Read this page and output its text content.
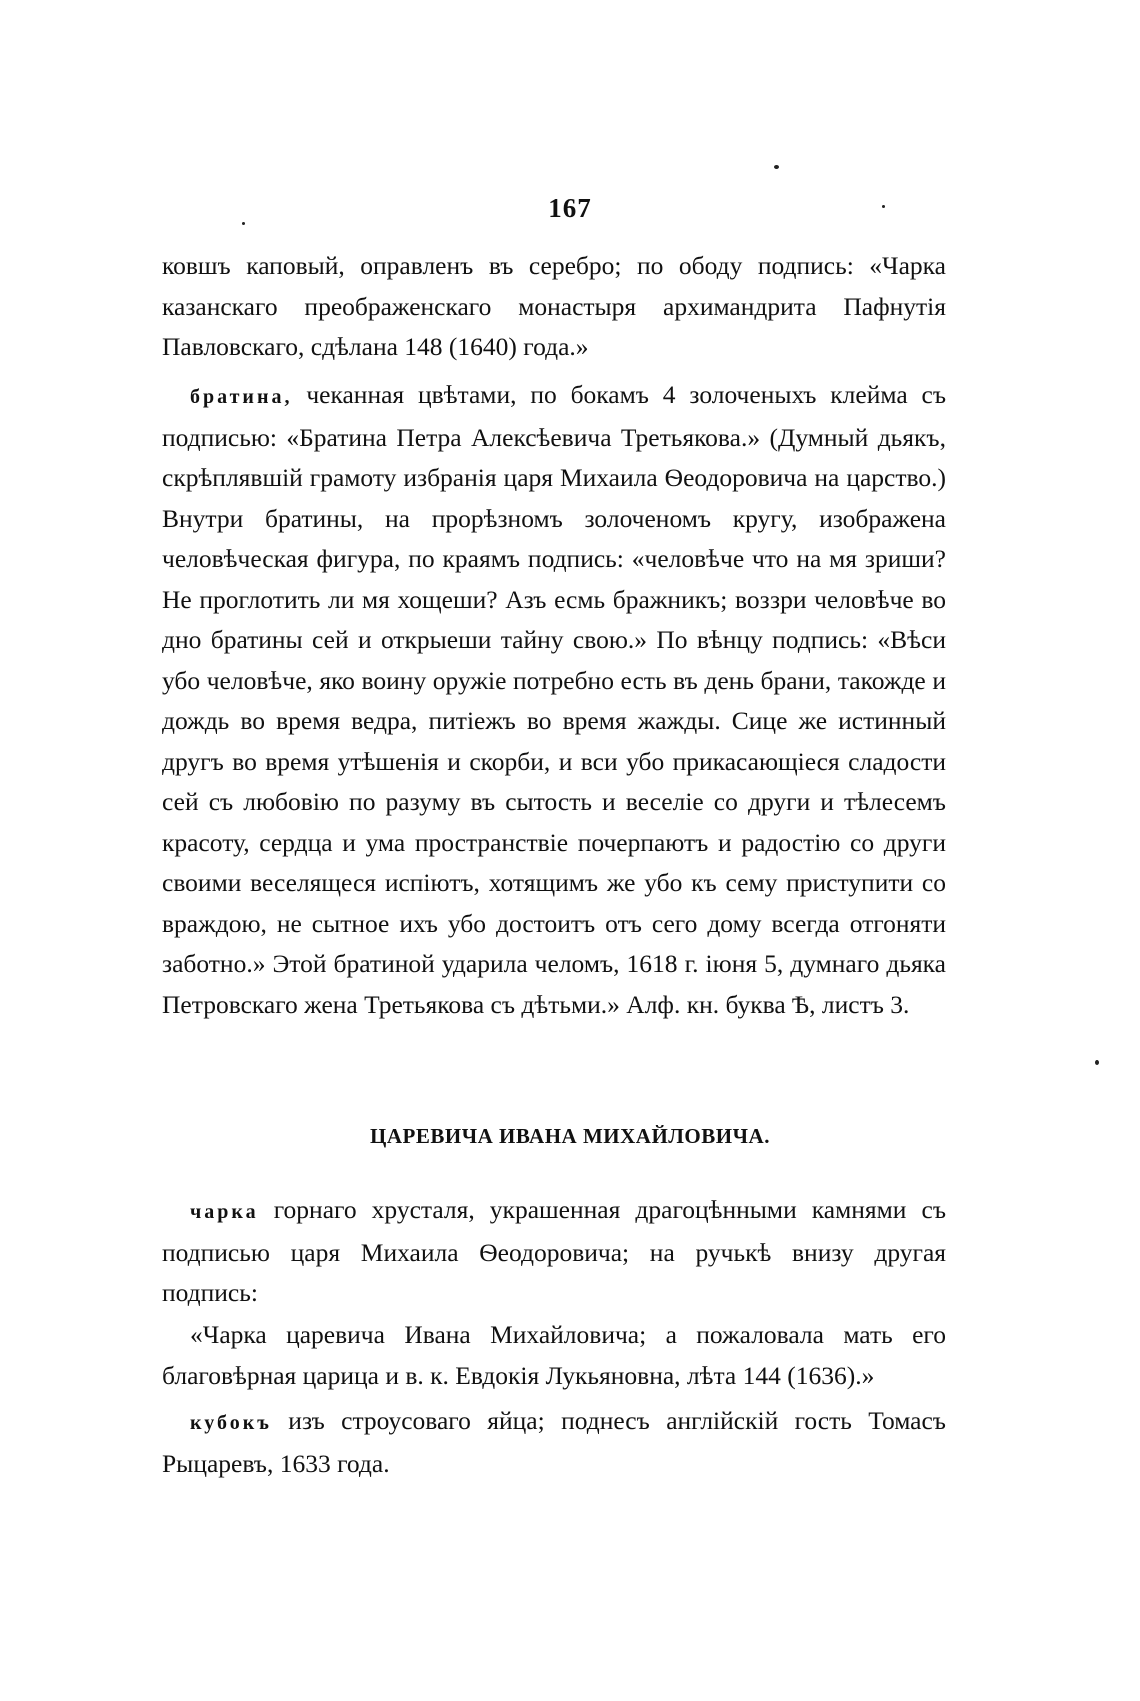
167

ковшъ каповый, оправленъ въ серебро; по ободу подпись: «Чарка казанскаго преображенскаго монастыря архимандрита Пафнутія Павловскаго, сдѣлана 148 (1640) года.»

братина, чеканная цвѣтами, по бокамъ 4 золоченыхъ клейма съ подписью: «Братина Петра Алексѣевича Третьякова.» (Думный дьякъ, скрѣплявшій грамоту избранія царя Михаила Ѳеодоровича на царство.) Внутри братины, на прорѣзномъ золоченомъ кругу, изображена человѣческая фигура, по краямъ подпись: «человѣче что на мя зриши? Не проглотить ли мя хощеши? Азъ есмь бражникъ; воззри человѣче во дно братины сей и открыеши тайну свою.» По вѣнцу подпись: «Вѣси убо человѣче, яко воину оружіе потребно есть въ день брани, такожде и дождь во время ведра, питіежъ во время жажды. Сице же истинный другъ во время утѣшенія и скорби, и вси убо прикасающіеся сладости сей съ любовію по разуму въ сытость и веселіе со други и тѣлесемъ красоту, сердца и ума пространствіе почерпаютъ и радостію со други своими веселящеся испіютъ, хотящимъ же убо къ сему приступити со враждою, не сытное ихъ убо достоитъ отъ сего дому всегда отгоняти заботно.» Этой братиной ударила челомъ, 1618 г. іюня 5, думнаго дьяка Петровскаго жена Третьякова съ дѣтьми.» Алф. кн. буква Ѣ, листъ 3.

ЦАРЕВИЧА ИВАНА МИХАЙЛОВИЧА.

чарка горнаго хрусталя, украшенная драгоцѣнными камнями съ подписью царя Михаила Ѳеодоровича; на ручькѣ внизу другая подпись:

«Чарка царевича Ивана Михайловича; а пожаловала мать его благовѣрная царица и в. к. Евдокія Лукьяновна, лѣта 144 (1636).»

кубокъ изъ строусоваго яйца; поднесъ англійскій гость Томасъ Рыцаревъ, 1633 года.
